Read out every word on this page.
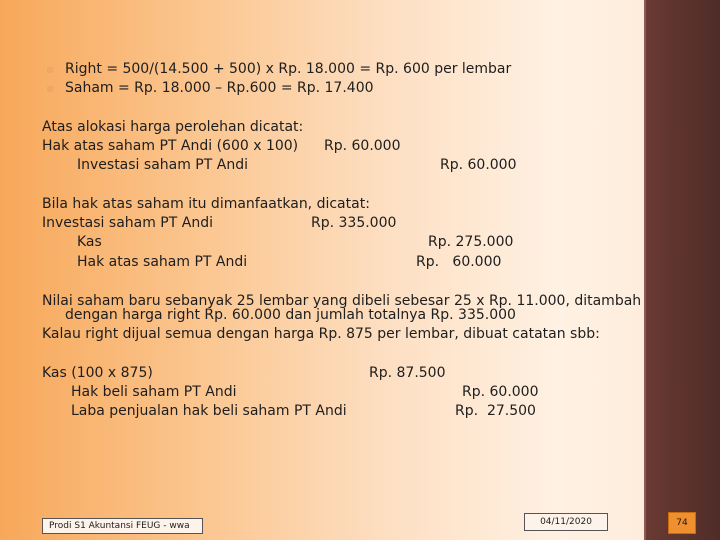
Right = 500/(14.500 + 500) x Rp. 18.000 = Rp. 600 per lembar
Saham = Rp. 18.000 – Rp.600 = Rp. 17.400
Atas alokasi harga perolehan dicatat:
Hak atas saham PT Andi (600 x 100) Rp. 60.000
Investasi saham PT Andi	Rp. 60.000
Bila hak atas saham itu dimanfaatkan, dicatat:
Investasi saham PT Andi	Rp. 335.000
Kas	Rp. 275.000
Hak atas saham PT Andi	Rp.   60.000
Nilai saham baru sebanyak 25 lembar yang dibeli sebesar 25 x Rp. 11.000, ditambah
dengan harga right Rp. 60.000 dan jumlah totalnya Rp. 335.000
Kalau right dijual semua dengan harga Rp. 875 per lembar, dibuat catatan sbb:
Kas (100 x 875)	Rp. 87.500
Hak beli saham PT Andi	Rp. 60.000
Laba penjualan hak beli saham PT Andi	Rp.  27.500
Prodi S1 Akuntansi FEUG - wwa	04/11/2020	74
